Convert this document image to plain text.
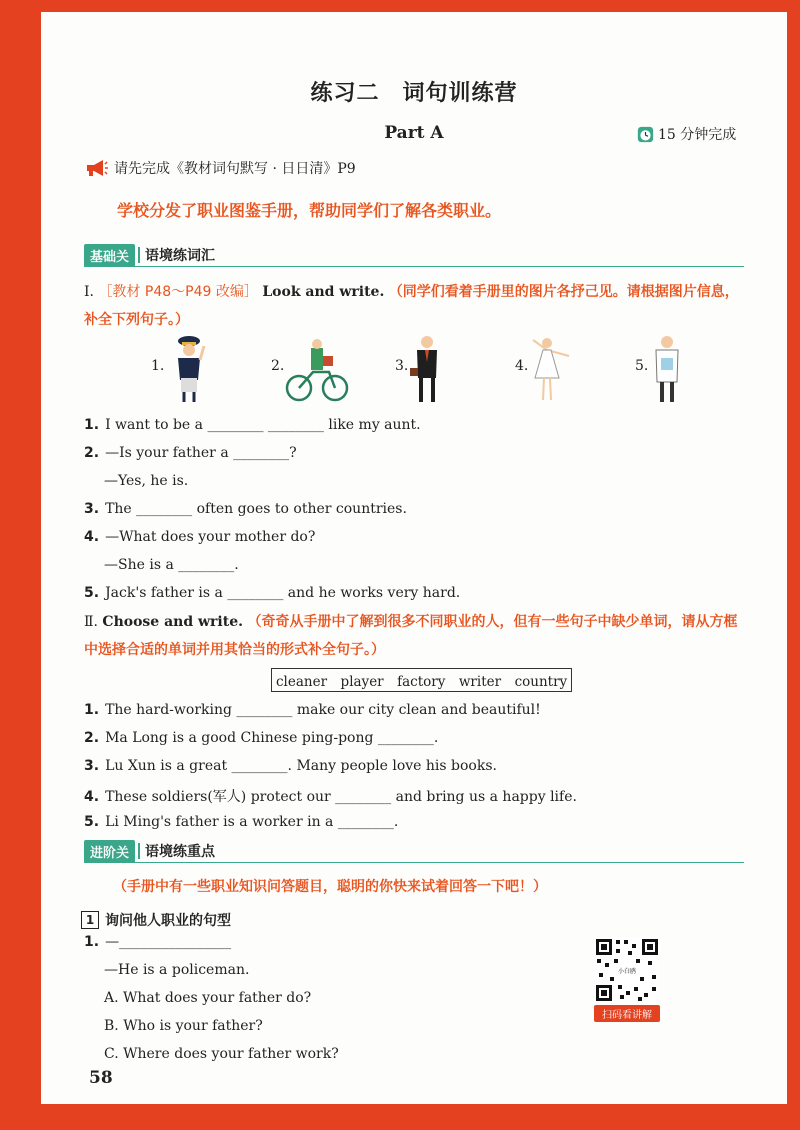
练习二　词句训练营
Part A	15 分钟完成
请先完成《教材词句默写 · 日日清》P9
学校分发了职业图鉴手册，帮助同学们了解各类职业。
基础关	语境练词汇
Ⅰ. ［教材 P48～P49 改编］ Look and write. （同学们看着手册里的图片各抒己见。请根据图片信息，补全下列句子。）
1.	2.	3.	4.	5.
1. I want to be a ________ ________ like my aunt.
2. —Is your father a ________?
—Yes, he is.
3. The ________ often goes to other countries.
4. —What does your mother do?
—She is a ________.
5. Jack's father is a ________ and he works very hard.
Ⅱ. Choose and write. （奇奇从手册中了解到很多不同职业的人，但有一些句子中缺少单词，请从方框中选择合适的单词并用其恰当的形式补全句子。）
cleaner　player　factory　writer　country
1. The hard-working ________ make our city clean and beautiful!
2. Ma Long is a good Chinese ping-pong ________.
3. Lu Xun is a great ________. Many people love his books.
4. These soldiers(军人) protect our ________ and bring us a happy life.
5. Li Ming's father is a worker in a ________.
进阶关	语境练重点
（手册中有一些职业知识问答题目，聪明的你快来试着回答一下吧！）
1 询问他人职业的句型
1. —________________
—He is a policeman.
A. What does your father do?
B. Who is your father?
C. Where does your father work?
小白鸥
扫码看讲解
58
